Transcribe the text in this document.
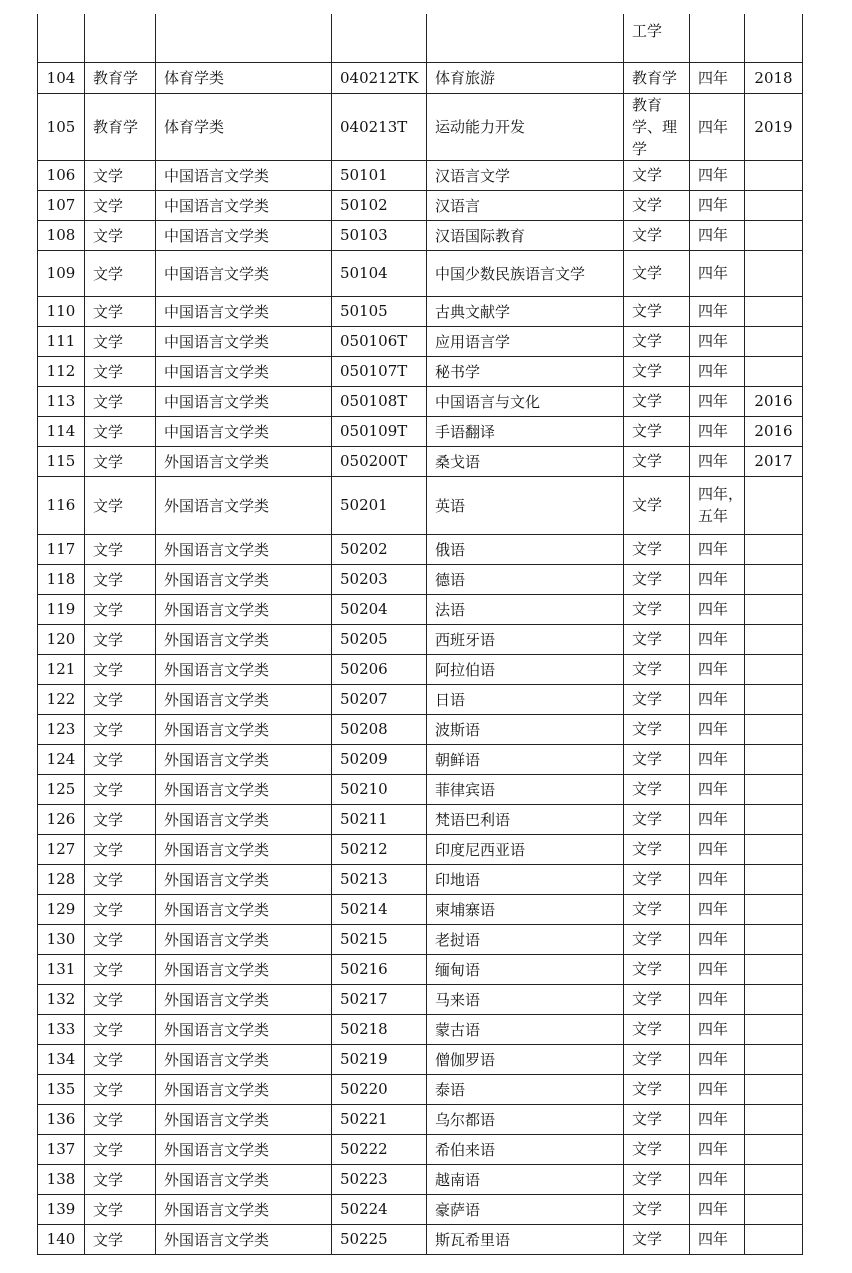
					工学		
104	教育学	体育学类	040212TK	体育旅游	教育学	四年	2018
105	教育学	体育学类	040213T	运动能力开发	教育学、理学	四年	2019
106	文学	中国语言文学类	50101	汉语言文学	文学	四年	
107	文学	中国语言文学类	50102	汉语言	文学	四年	
108	文学	中国语言文学类	50103	汉语国际教育	文学	四年	
109	文学	中国语言文学类	50104	中国少数民族语言文学	文学	四年	
110	文学	中国语言文学类	50105	古典文献学	文学	四年	
111	文学	中国语言文学类	050106T	应用语言学	文学	四年	
112	文学	中国语言文学类	050107T	秘书学	文学	四年	
113	文学	中国语言文学类	050108T	中国语言与文化	文学	四年	2016
114	文学	中国语言文学类	050109T	手语翻译	文学	四年	2016
115	文学	外国语言文学类	050200T	桑戈语	文学	四年	2017
116	文学	外国语言文学类	50201	英语	文学	四年，五年	
117	文学	外国语言文学类	50202	俄语	文学	四年	
118	文学	外国语言文学类	50203	德语	文学	四年	
119	文学	外国语言文学类	50204	法语	文学	四年	
120	文学	外国语言文学类	50205	西班牙语	文学	四年	
121	文学	外国语言文学类	50206	阿拉伯语	文学	四年	
122	文学	外国语言文学类	50207	日语	文学	四年	
123	文学	外国语言文学类	50208	波斯语	文学	四年	
124	文学	外国语言文学类	50209	朝鲜语	文学	四年	
125	文学	外国语言文学类	50210	菲律宾语	文学	四年	
126	文学	外国语言文学类	50211	梵语巴利语	文学	四年	
127	文学	外国语言文学类	50212	印度尼西亚语	文学	四年	
128	文学	外国语言文学类	50213	印地语	文学	四年	
129	文学	外国语言文学类	50214	柬埔寨语	文学	四年	
130	文学	外国语言文学类	50215	老挝语	文学	四年	
131	文学	外国语言文学类	50216	缅甸语	文学	四年	
132	文学	外国语言文学类	50217	马来语	文学	四年	
133	文学	外国语言文学类	50218	蒙古语	文学	四年	
134	文学	外国语言文学类	50219	僧伽罗语	文学	四年	
135	文学	外国语言文学类	50220	泰语	文学	四年	
136	文学	外国语言文学类	50221	乌尔都语	文学	四年	
137	文学	外国语言文学类	50222	希伯来语	文学	四年	
138	文学	外国语言文学类	50223	越南语	文学	四年	
139	文学	外国语言文学类	50224	豪萨语	文学	四年	
140	文学	外国语言文学类	50225	斯瓦希里语	文学	四年	
